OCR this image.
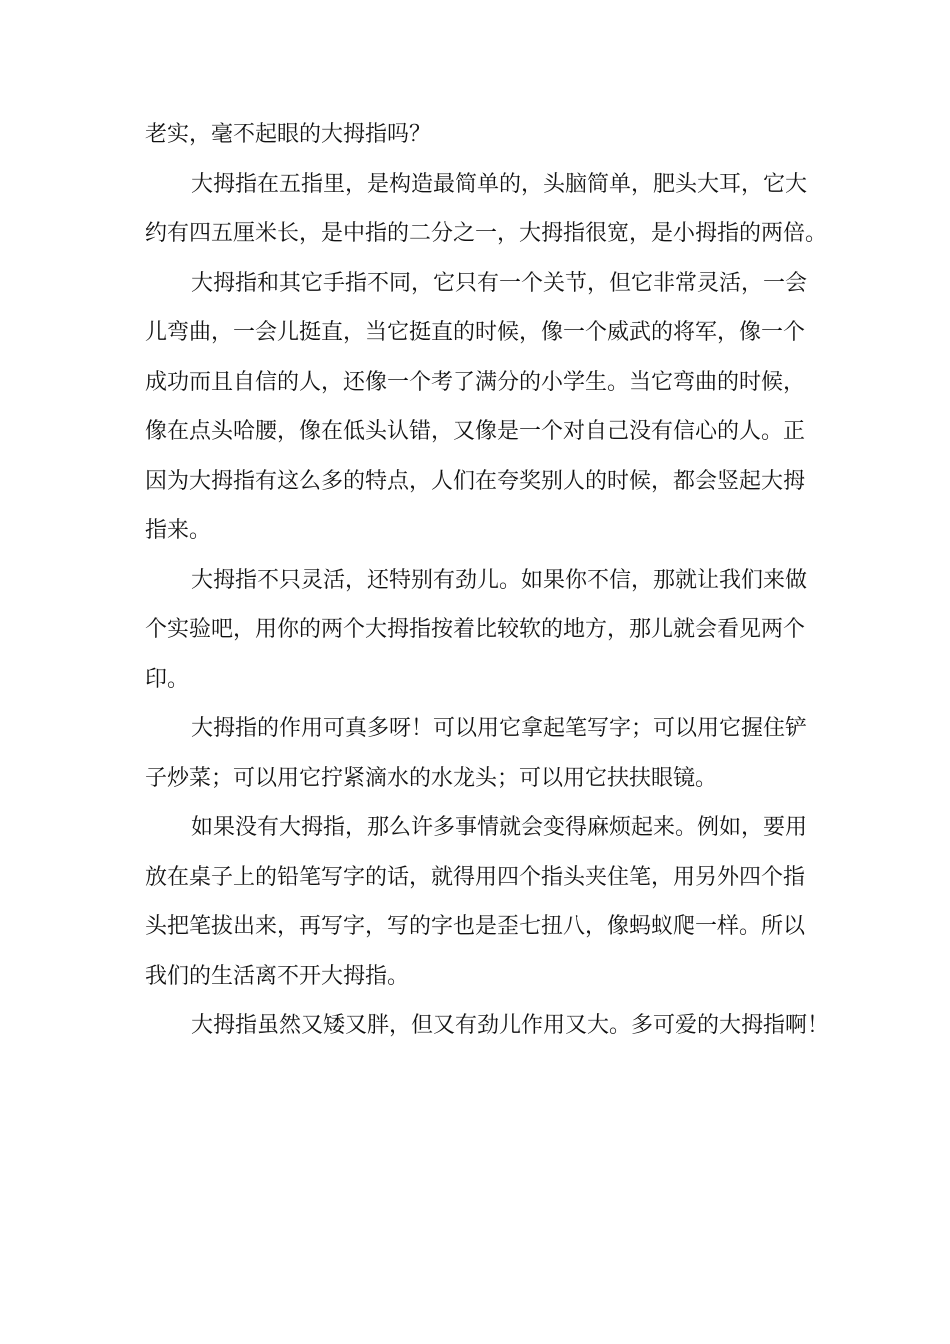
老实，毫不起眼的大拇指吗？
大拇指在五指里，是构造最简单的，头脑简单，肥头大耳，它大
约有四五厘米长，是中指的二分之一，大拇指很宽，是小拇指的两倍。
大拇指和其它手指不同，它只有一个关节，但它非常灵活，一会
儿弯曲，一会儿挺直，当它挺直的时候，像一个威武的将军，像一个
成功而且自信的人，还像一个考了满分的小学生。当它弯曲的时候，
像在点头哈腰，像在低头认错，又像是一个对自己没有信心的人。正
因为大拇指有这么多的特点，人们在夸奖别人的时候，都会竖起大拇
指来。
大拇指不只灵活，还特别有劲儿。如果你不信，那就让我们来做
个实验吧，用你的两个大拇指按着比较软的地方，那儿就会看见两个
印。
大拇指的作用可真多呀！可以用它拿起笔写字；可以用它握住铲
子炒菜；可以用它拧紧滴水的水龙头；可以用它扶扶眼镜。
如果没有大拇指，那么许多事情就会变得麻烦起来。例如，要用
放在桌子上的铅笔写字的话，就得用四个指头夹住笔，用另外四个指
头把笔拔出来，再写字，写的字也是歪七扭八，像蚂蚁爬一样。所以
我们的生活离不开大拇指。
大拇指虽然又矮又胖，但又有劲儿作用又大。多可爱的大拇指啊！
